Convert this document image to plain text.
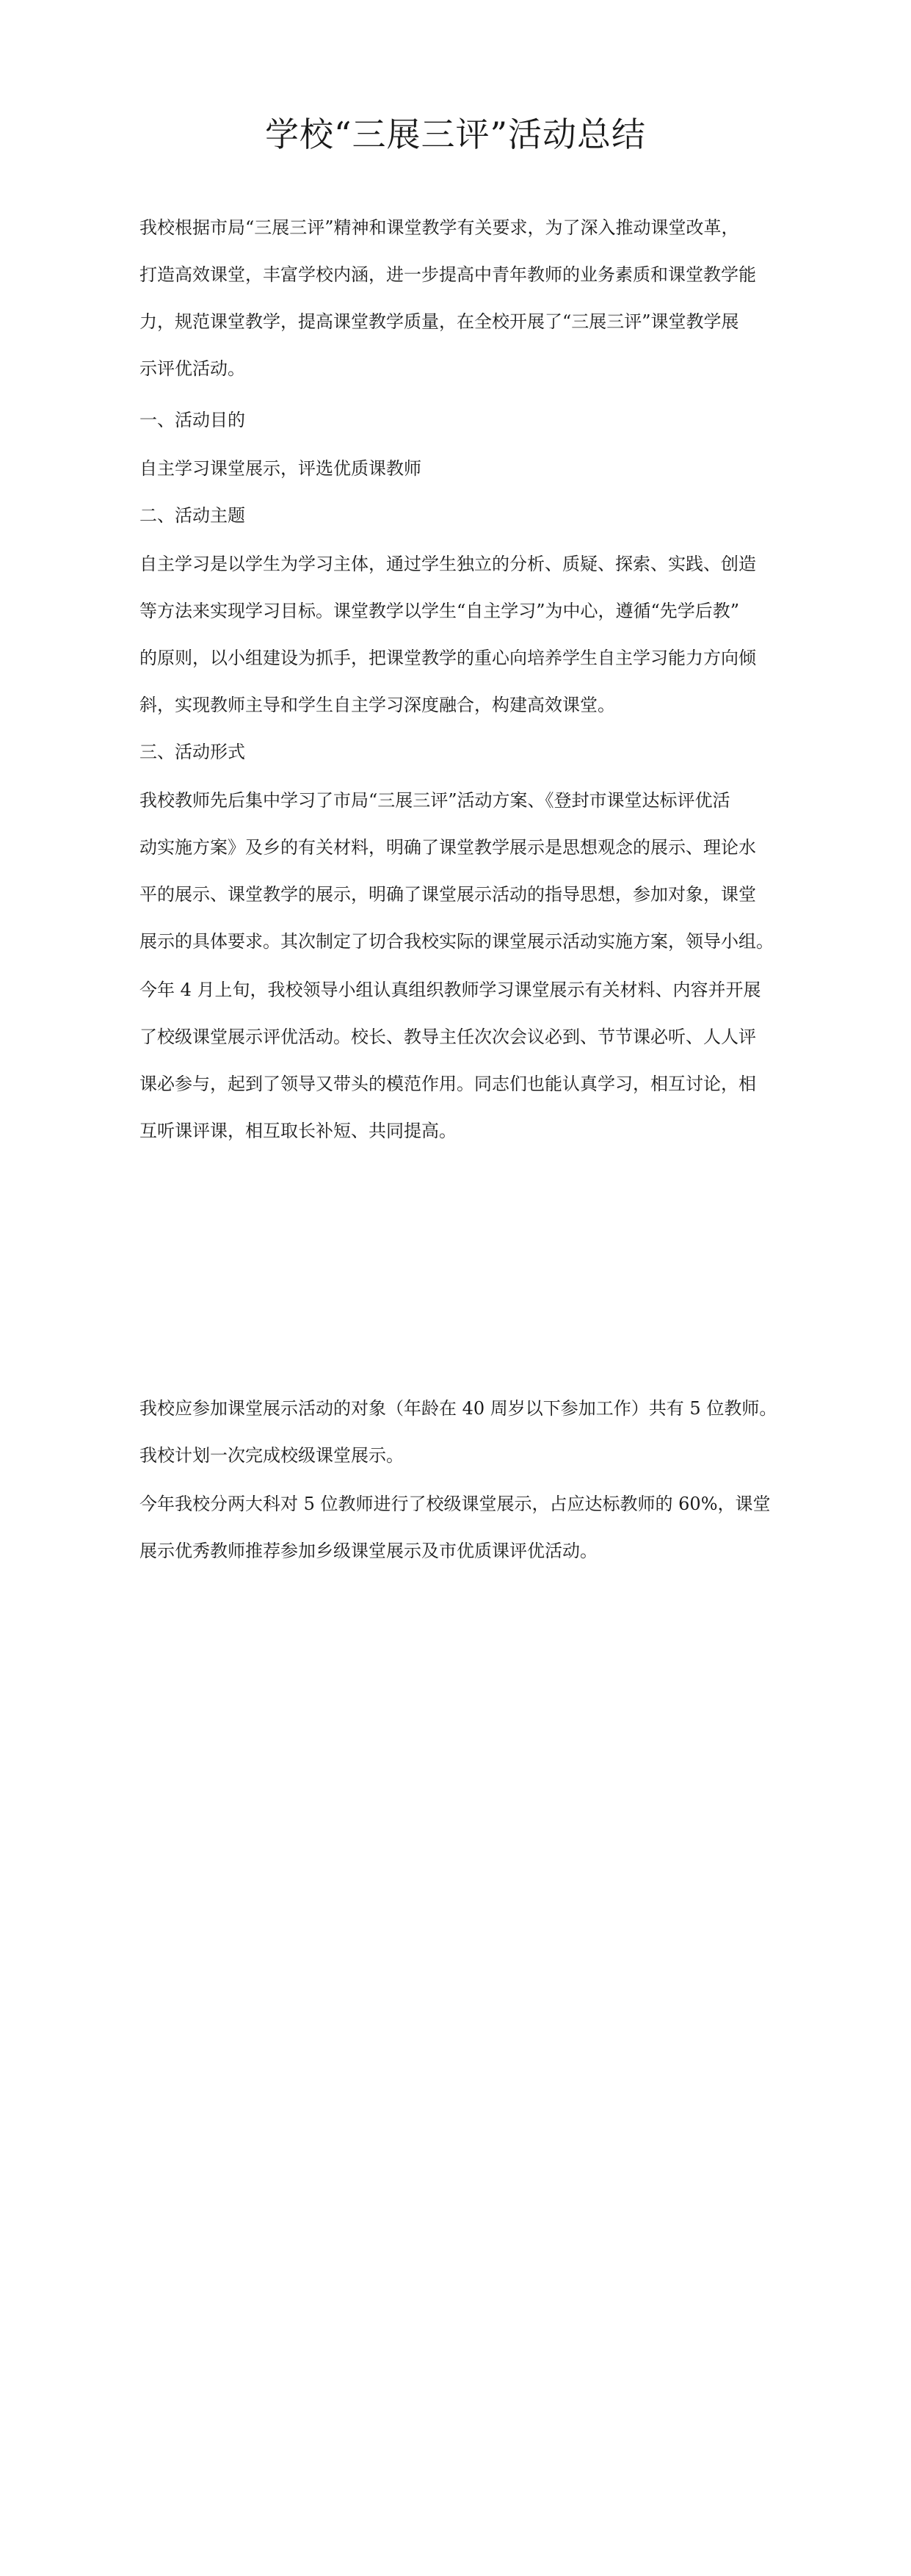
学校“三展三评”活动总结

我校根据市局“三展三评”精神和课堂教学有关要求，为了深入推动课堂改革，

打造高效课堂，丰富学校内涵，进一步提高中青年教师的业务素质和课堂教学能

力，规范课堂教学，提高课堂教学质量，在全校开展了“三展三评”课堂教学展

示评优活动。

一、活动目的

自主学习课堂展示，评选优质课教师

二、活动主题

自主学习是以学生为学习主体，通过学生独立的分析、质疑、探索、实践、创造

等方法来实现学习目标。课堂教学以学生“自主学习”为中心，遵循“先学后教”

的原则，以小组建设为抓手，把课堂教学的重心向培养学生自主学习能力方向倾

斜，实现教师主导和学生自主学习深度融合，构建高效课堂。

三、活动形式

我校教师先后集中学习了市局“三展三评”活动方案、《登封市课堂达标评优活

动实施方案》及乡的有关材料，明确了课堂教学展示是思想观念的展示、理论水

平的展示、课堂教学的展示，明确了课堂展示活动的指导思想，参加对象，课堂

展示的具体要求。其次制定了切合我校实际的课堂展示活动实施方案，领导小组。

今年 4 月上旬，我校领导小组认真组织教师学习课堂展示有关材料、内容并开展

了校级课堂展示评优活动。校长、教导主任次次会议必到、节节课必听、人人评

课必参与，起到了领导又带头的模范作用。同志们也能认真学习，相互讨论，相

互听课评课，相互取长补短、共同提高。

我校应参加课堂展示活动的对象（年龄在 40 周岁以下参加工作）共有 5 位教师。

我校计划一次完成校级课堂展示。

今年我校分两大科对 5 位教师进行了校级课堂展示，占应达标教师的 60%，课堂

展示优秀教师推荐参加乡级课堂展示及市优质课评优活动。
